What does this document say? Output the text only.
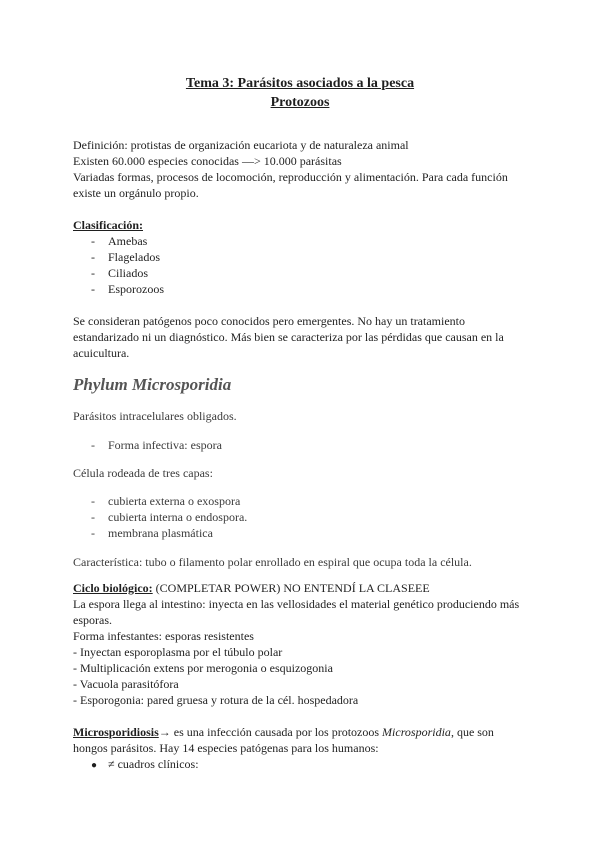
Tema 3: Parásitos asociados a la pesca
Protozoos
Definición: protistas de organización eucariota y de naturaleza animal
Existen 60.000 especies conocidas —> 10.000 parásitas
Variadas formas, procesos de locomoción, reproducción y alimentación. Para cada función
existe un orgánulo propio.
Clasificación:
- Amebas
- Flagelados
- Ciliados
- Esporozoos
Se consideran patógenos poco conocidos pero emergentes. No hay un tratamiento
estandarizado ni un diagnóstico. Más bien se caracteriza por las pérdidas que causan en la
acuicultura.
Phylum Microsporidia
Parásitos intracelulares obligados.
- Forma infectiva: espora
Célula rodeada de tres capas:
- cubierta externa o exospora
- cubierta interna o endospora.
- membrana plasmática
Característica: tubo o filamento polar enrollado en espiral que ocupa toda la célula.
Ciclo biológico: (COMPLETAR POWER) NO ENTENDÍ LA CLASEEE
La espora llega al intestino: inyecta en las vellosidades el material genético produciendo más
esporas.
Forma infestantes: esporas resistentes
- Inyectan esporoplasma por el túbulo polar
- Multiplicación extens por merogonia o esquizogonia
- Vacuola parasitófora
- Esporogonia: pared gruesa y rotura de la cél. hospedadora
Microsporidiosis→ es una infección causada por los protozoos Microsporidia, que son
hongos parásitos. Hay 14 especies patógenas para los humanos:
● ≠ cuadros clínicos:
